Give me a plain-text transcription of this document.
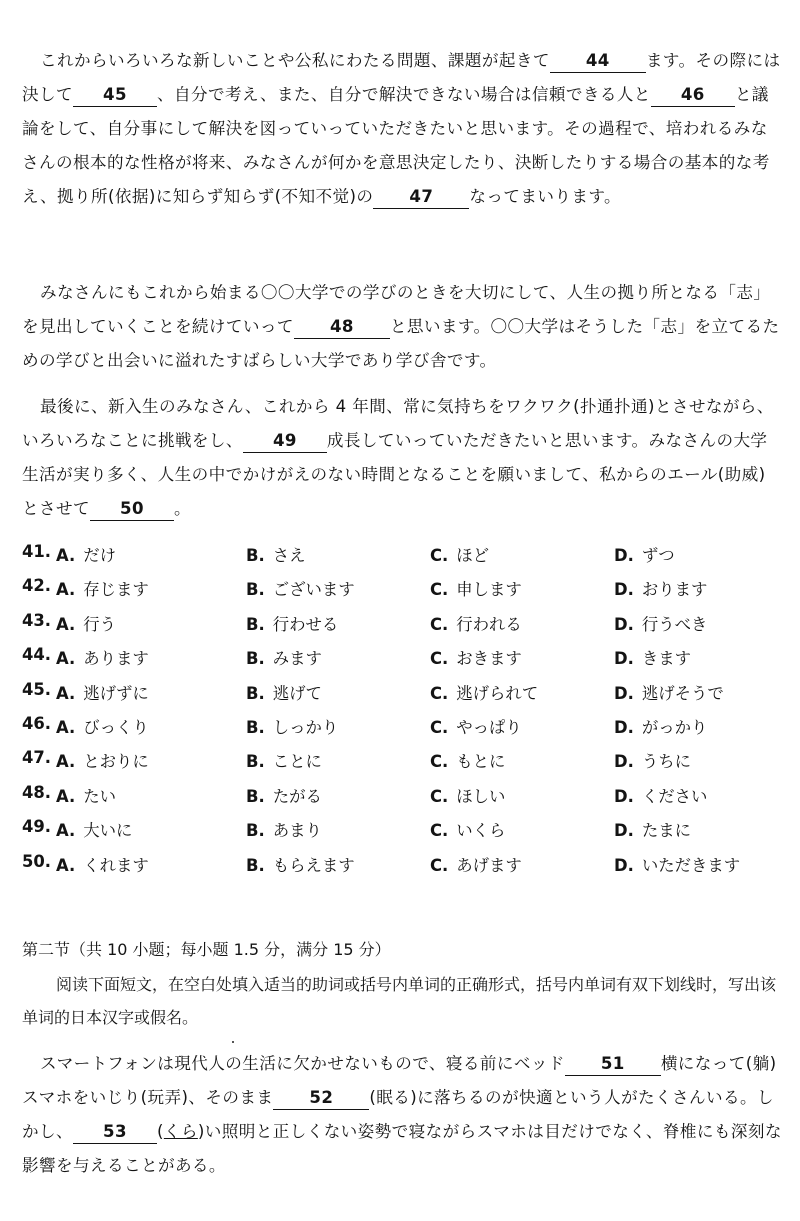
これからいろいろな新しいことや公私にわたる問題、課題が起きて 44 ます。その際には決して 45 、自分で考え、また、自分で解決できない場合は信頼できる人と 46 と議論をして、自分事にして解決を図っていっていただきたいと思います。その過程で、培われるみなさんの根本的な性格が将来、みなさんが何かを意思決定したり、決断したりする場合の基本的な考え、拠り所(依据)に知らず知らず(不知不觉)の 47 なってまいります。

みなさんにもこれから始まる〇〇大学での学びのときを大切にして、人生の拠り所となる「志」を見出していくことを続けていって 48 と思います。〇〇大学はそうした「志」を立てるための学びと出会いに溢れたすばらしい大学であり学び舎です。

最後に、新入生のみなさん、これから 4 年間、常に気持ちをワクワク(扑通扑通)とさせながら、いろいろなことに挑戦をし、 49 成長していっていただきたいと思います。みなさんの大学生活が実り多く、人生の中でかけがえのない時間となることを願いまして、私からのエール(助威)とさせて 50 。

41. A. だけ	B. さえ	C. ほど	D. ずつ
42. A. 存じます	B. ございます	C. 申します	D. おります
43. A. 行う	B. 行わせる	C. 行われる	D. 行うべき
44. A. あります	B. みます	C. おきます	D. きます
45. A. 逃げずに	B. 逃げて	C. 逃げられて	D. 逃げそうで
46. A. びっくり	B. しっかり	C. やっぱり	D. がっかり
47. A. とおりに	B. ことに	C. もとに	D. うちに
48. A. たい	B. たがる	C. ほしい	D. ください
49. A. 大いに	B. あまり	C. いくら	D. たまに
50. A. くれます	B. もらえます	C. あげます	D. いただきます

第二节（共 10 小题；每小题 1.5 分，满分 15 分）

阅读下面短文，在空白处填入适当的助词或括号内单词的正确形式，括号内单词有双下划线时，写出该单词的日本汉字或假名。

スマートフォンは現代人の生活に欠かせないもので、寝る前にベッド 51 横になって(躺)スマホをいじり(玩弄)、そのまま 52 (眠る)に落ちるのが快適という人がたくさんいる。しかし、 53 (くら)い照明と正しくない姿勢で寝ながらスマホは目だけでなく、脊椎にも深刻な影響を与えることがある。
